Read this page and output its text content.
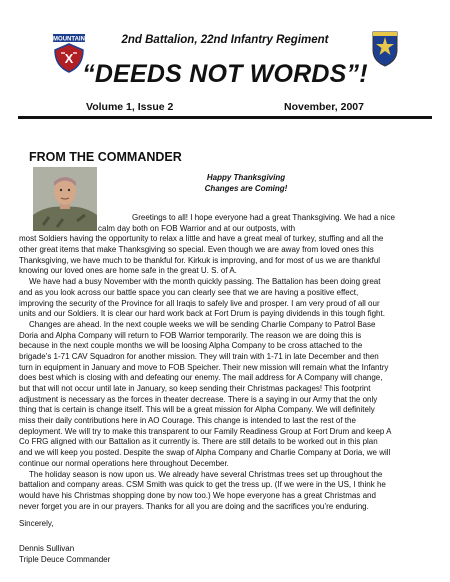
MOUNTAIN
X
2nd Battalion, 22nd Infantry Regiment
“DEEDS NOT WORDS”!
Volume 1, Issue 2	November, 2007
FROM THE COMMANDER
Happy Thanksgiving
Changes are Coming!
Greetings to all! I hope everyone had a great Thanksgiving. We had a nice
calm day both on FOB Warrior and at our outposts, with
most Soldiers having the opportunity to relax a little and have a great meal of turkey, stuffing and all the
other great items that make Thanksgiving so special. Even though we are away from loved ones this
Thanksgiving, we have much to be thankful for. Kirkuk is improving, and for most of us we are thankful
knowing our loved ones are home safe in the great U. S. of A.
We have had a busy November with the month quickly passing. The Battalion has been doing great
and as you look across our battle space you can clearly see that we are having a positive effect,
improving the security of the Province for all Iraqis to safely live and prosper. I am very proud of all our
units and our Soldiers. It is clear our hard work back at Fort Drum is paying dividends in this tough fight.
Changes are ahead. In the next couple weeks we will be sending Charlie Company to Patrol Base
Doria and Alpha Company will return to FOB Warrior temporarily. The reason we are doing this is
because in the next couple months we will be loosing Alpha Company to be cross attached to the
brigade’s 1-71 CAV Squadron for another mission. They will train with 1-71 in late December and then
turn in equipment in January and move to FOB Speicher. Their new mission will remain what the Infantry
does best which is closing with and defeating our enemy. The mail address for A Company will change,
but that will not occur until late in January, so keep sending their Christmas packages! This footprint
adjustment is necessary as the forces in theater decrease. There is a saying in our Army that the only
thing that is certain is change itself. This will be a great mission for Alpha Company. We will definitely
miss their daily contributions here in AO Courage. This change is intended to last the rest of the
deployment. We will try to make this transparent to our Family Readiness Group at Fort Drum and keep A
Co FRG aligned with our Battalion as it currently is. There are still details to be worked out in this plan
and we will keep you posted. Despite the swap of Alpha Company and Charlie Company at Doria, we will
continue our normal operations here throughout December.
The holiday season is now upon us. We already have several Christmas trees set up throughout the
battalion and company areas. CSM Smith was quick to get the tress up. (If we were in the US, I think he
would have his Christmas shopping done by now too.) We hope everyone has a great Christmas and
never forget you are in our prayers. Thanks for all you are doing and the sacrifices you’re enduring.
Sincerely,
Dennis Sullivan
Triple Deuce Commander
